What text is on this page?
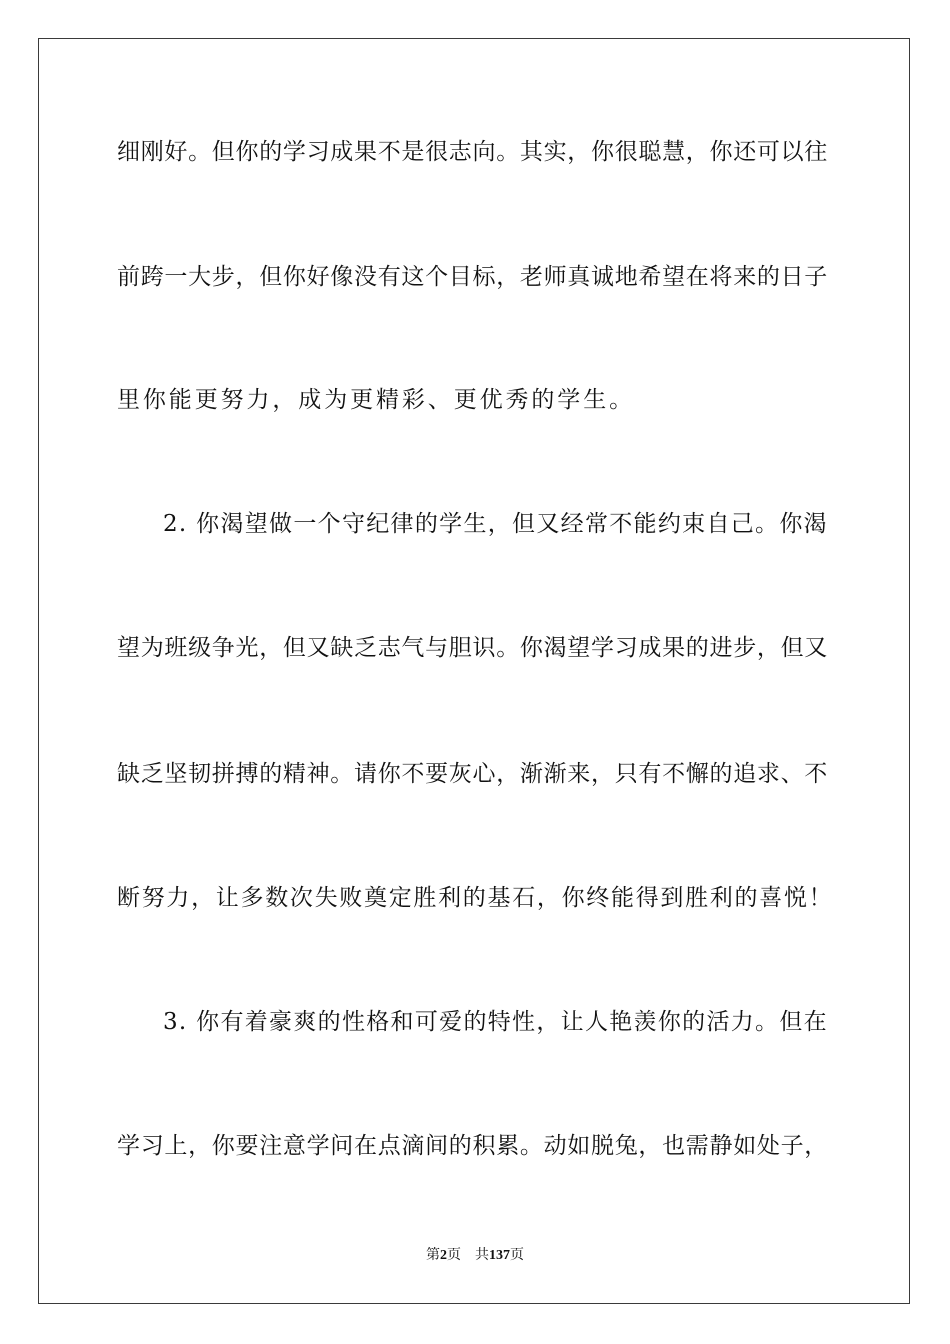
细刚好。但你的学习成果不是很志向。其实，你很聪慧，你还可以往
前跨一大步，但你好像没有这个目标，老师真诚地希望在将来的日子
里你能更努力，成为更精彩、更优秀的学生。
2. 你渴望做一个守纪律的学生，但又经常不能约束自己。你渴
望为班级争光，但又缺乏志气与胆识。你渴望学习成果的进步，但又
缺乏坚韧拼搏的精神。请你不要灰心，渐渐来，只有不懈的追求、不
断努力，让多数次失败奠定胜利的基石，你终能得到胜利的喜悦！
3. 你有着豪爽的性格和可爱的特性，让人艳羡你的活力。但在
学习上，你要注意学问在点滴间的积累。动如脱兔，也需静如处子，
第2页 共137页
